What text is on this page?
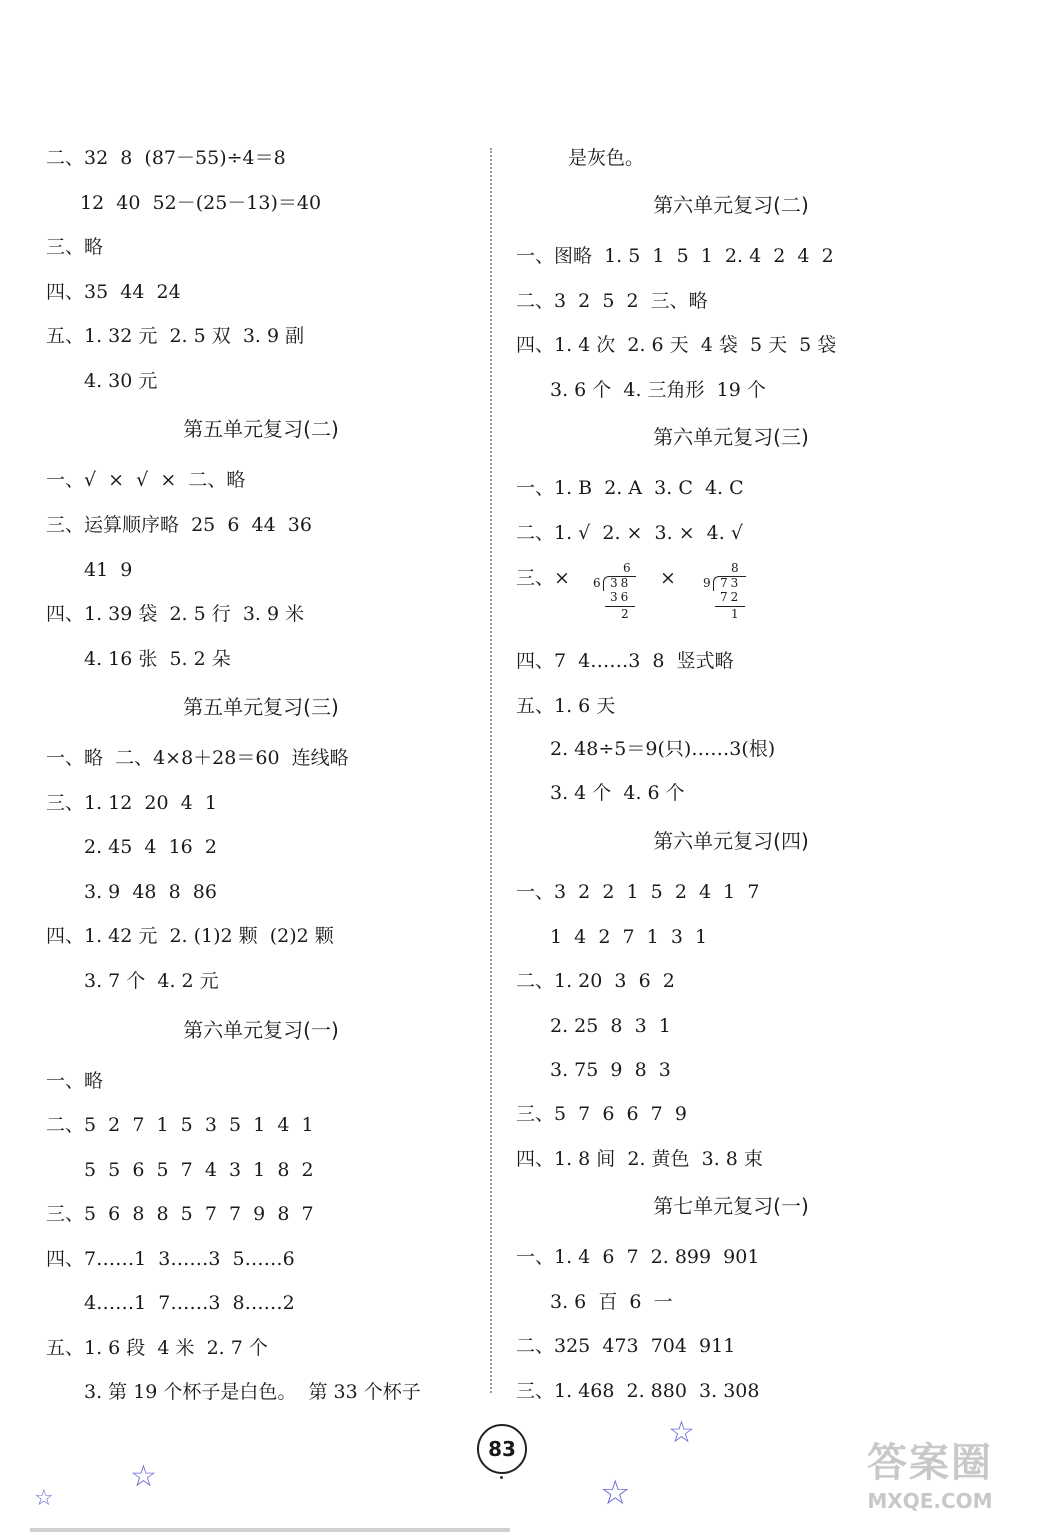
二、32  8  (87－55)÷4＝8
12  40  52－(25－13)＝40
三、略
四、35  44  24
五、1. 32 元  2. 5 双  3. 9 副
4. 30 元
第五单元复习(二)
一、√  ×  √  ×  二、略
三、运算顺序略  25  6  44  36
41  9
四、1. 39 袋  2. 5 行  3. 9 米
4. 16 张  5. 2 朵
第五单元复习(三)
一、略  二、4×8＋28＝60  连线略
三、1. 12  20  4  1
2. 45  4  16  2
3. 9  48  8  86
四、1. 42 元  2. (1)2 颗  (2)2 颗
3. 7 个  4. 2 元
第六单元复习(一)
一、略
二、5  2  7  1  5  3  5  1  4  1
5  5  6  5  7  4  3  1  8  2
三、5  6  8  8  5  7  7  9  8  7
四、7……1  3……3  5……6
4……1  7……3  8……2
五、1. 6 段  4 米  2. 7 个
3. 第 19 个杯子是白色。  第 33 个杯子
是灰色。
第六单元复习(二)
一、图略  1. 5  1  5  1  2. 4  2  4  2
二、3  2  5  2  三、略
四、1. 4 次  2. 6 天  4 袋  5 天  5 袋
3. 6 个  4. 三角形  19 个
第六单元复习(三)
一、1. B  2. A  3. C  4. C
二、1. √  2. ×  3. ×  4. √
三、×
四、7  4……3  8  竖式略
五、1. 6 天
2. 48÷5＝9(只)……3(根)
3. 4 个  4. 6 个
第六单元复习(四)
一、3  2  2  1  5  2  4  1  7
1  4  2  7  1  3  1
二、1. 20  3  6  2
2. 25  8  3  1
3. 75  9  8  3
三、5  7  6  6  7  9
四、1. 8 间  2. 黄色  3. 8 束
第七单元复习(一)
一、1. 4  6  7  2. 899  901
3. 6  百  6  一
二、325  473  704  911
三、1. 468  2. 880  3. 308
6
6 38
36
2
×	8
9 73
72
1
83
☆
☆
☆
☆
答案圈
MXQE.COM
